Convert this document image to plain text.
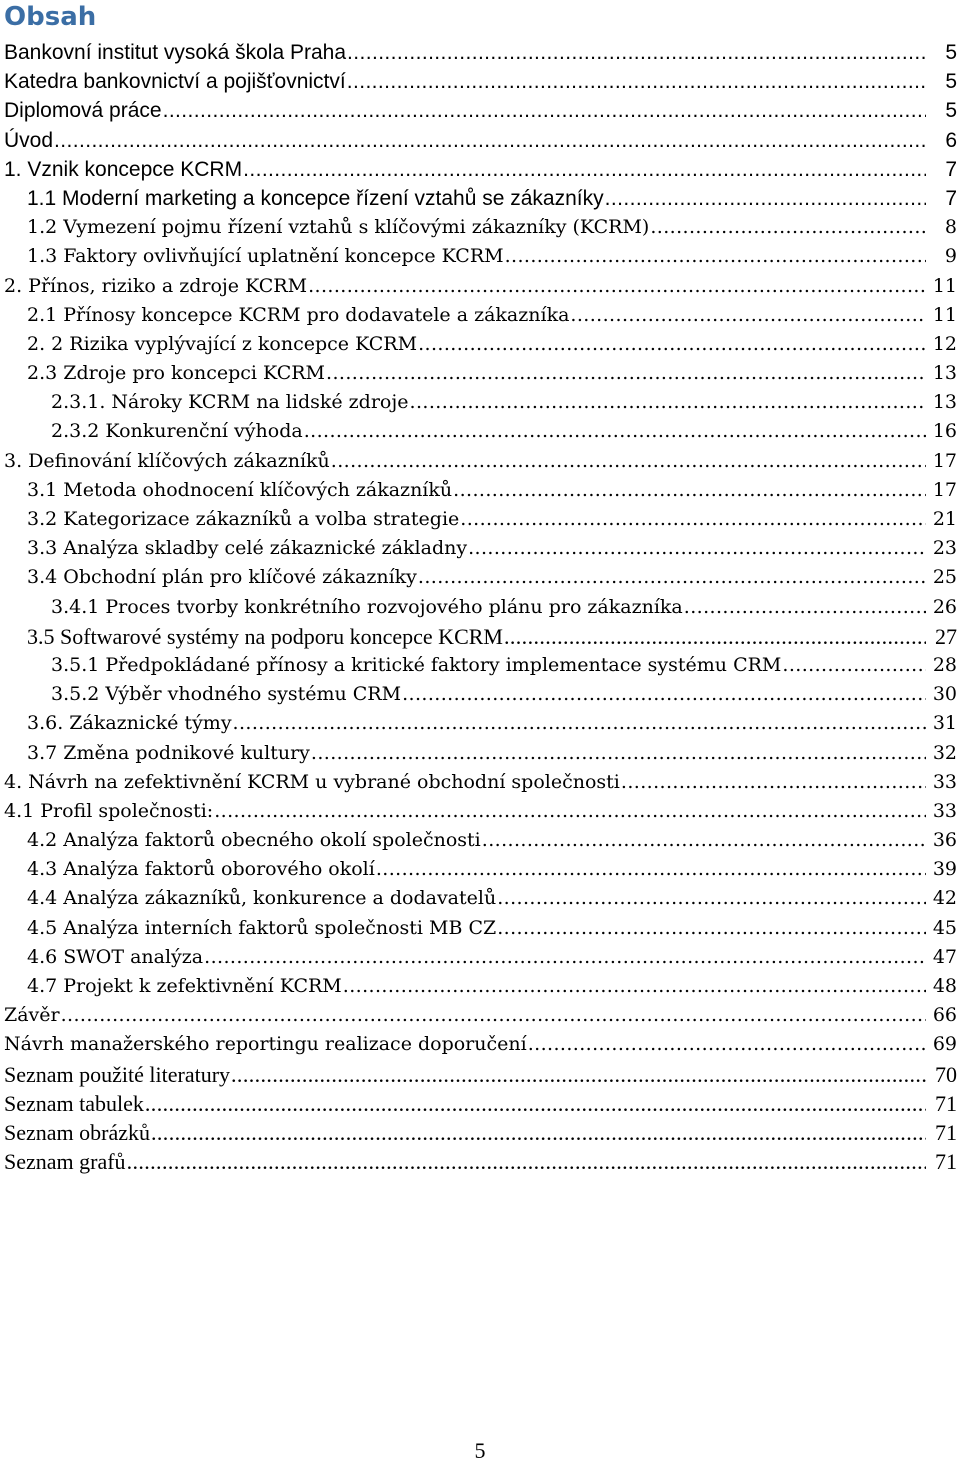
Obsah
Bankovní institut vysoká škola Praha .....	5
Katedra bankovnictví a pojišťovnictví .....	5
Diplomová práce .....	5
Úvod .....	6
1. Vznik koncepce KCRM .....	7
1.1 Moderní marketing a koncepce řízení vztahů se zákazníky .....	7
1.2 Vymezení pojmu řízení vztahů s klíčovými zákazníky (KCRM) .....	8
1.3 Faktory ovlivňující uplatnění koncepce KCRM .....	9
2. Přínos, riziko a zdroje KCRM .....	11
2.1 Přínosy koncepce KCRM pro dodavatele a zákazníka .....	11
2. 2 Rizika vyplývající z koncepce KCRM .....	12
2.3 Zdroje pro koncepci KCRM .....	13
2.3.1. Nároky KCRM na lidské zdroje .....	13
2.3.2 Konkurenční výhoda .....	16
3. Definování klíčových zákazníků .....	17
3.1 Metoda ohodnocení klíčových zákazníků .....	17
3.2 Kategorizace zákazníků a volba strategie .....	21
3.3 Analýza skladby celé zákaznické základny .....	23
3.4 Obchodní plán pro klíčové zákazníky .....	25
3.4.1 Proces tvorby konkrétního rozvojového plánu pro zákazníka .....	26
3.5 Softwarové systémy na podporu koncepce KCRM .....	27
3.5.1 Předpokládané přínosy a kritické faktory implementace systému CRM .....	28
3.5.2 Výběr vhodného systému CRM .....	30
3.6. Zákaznické týmy .....	31
3.7 Změna podnikové kultury .....	32
4. Návrh na zefektivnění KCRM u vybrané obchodní společnosti .....	33
4.1 Profil společnosti: .....	33
4.2 Analýza faktorů obecného okolí společnosti .....	36
4.3 Analýza faktorů oborového okolí .....	39
4.4 Analýza zákazníků, konkurence a dodavatelů .....	42
4.5 Analýza interních faktorů společnosti MB CZ .....	45
4.6 SWOT analýza .....	47
4.7 Projekt k zefektivnění KCRM .....	48
Závěr .....	66
Návrh manažerského reportingu realizace doporučení .....	69
Seznam použité literatury .....	70
Seznam tabulek .....	71
Seznam obrázků .....	71
Seznam grafů .....	71
5
